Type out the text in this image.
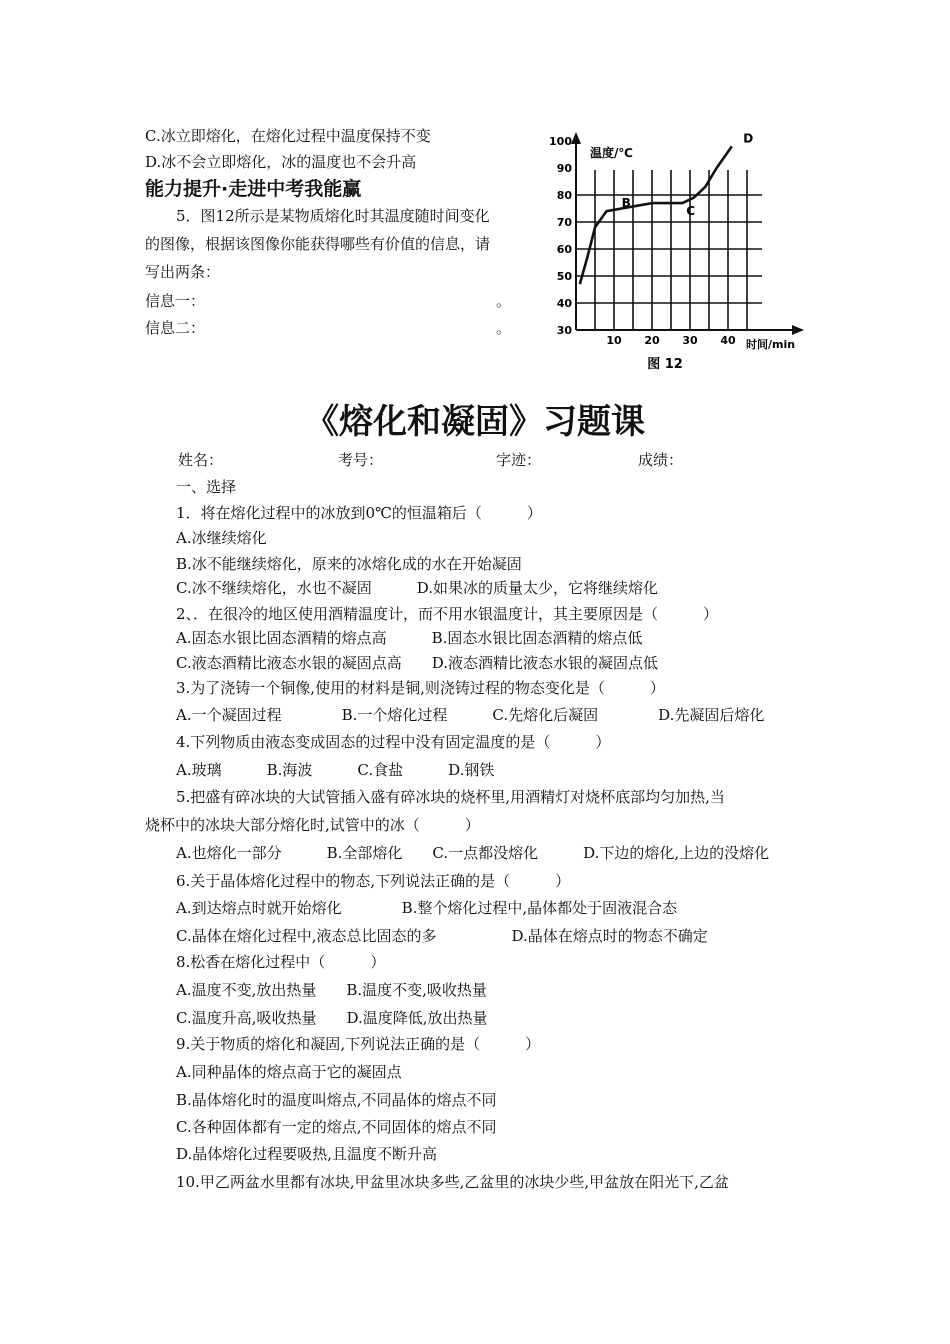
C.冰立即熔化，在熔化过程中温度保持不变
D.冰不会立即熔化，冰的温度也不会升高
能力提升·走进中考我能赢
5．图12所示是某物质熔化时其温度随时间变化
的图像，根据该图像你能获得哪些有价值的信息，请
写出两条：
信息一：	。
信息二：	。
温度/℃
时间/min
30
40
50
60
70
80
90
100
10 20 30 40
B
C
D
图 12
《熔化和凝固》习题课
姓名：	考号：	字迹：	成绩：
一、选择
1．将在熔化过程中的冰放到0℃的恒温箱后（　　　）
A.冰继续熔化
B.冰不能继续熔化，原来的冰熔化成的水在开始凝固
C.冰不继续熔化，水也不凝固　　　D.如果冰的质量太少，它将继续熔化
2、．在很冷的地区使用酒精温度计，而不用水银温度计，其主要原因是（　　　）
A.固态水银比固态酒精的熔点高　　　B.固态水银比固态酒精的熔点低
C.液态酒精比液态水银的凝固点高　　D.液态酒精比液态水银的凝固点低
3.为了浇铸一个铜像,使用的材料是铜,则浇铸过程的物态变化是（　　　）
A.一个凝固过程　　　　B.一个熔化过程　　　C.先熔化后凝固　　　　D.先凝固后熔化
4.下列物质由液态变成固态的过程中没有固定温度的是（　　　）
A.玻璃　　　B.海波　　　C.食盐　　　D.钢铁
5.把盛有碎冰块的大试管插入盛有碎冰块的烧杯里,用酒精灯对烧杯底部均匀加热,当
烧杯中的冰块大部分熔化时,试管中的冰（　　　）
A.也熔化一部分　　　B.全部熔化　　C.一点都没熔化　　　D.下边的熔化,上边的没熔化
6.关于晶体熔化过程中的物态,下列说法正确的是（　　　）
A.到达熔点时就开始熔化　　　　B.整个熔化过程中,晶体都处于固液混合态
C.晶体在熔化过程中,液态总比固态的多　　　　　D.晶体在熔点时的物态不确定
8.松香在熔化过程中（　　　）
A.温度不变,放出热量　　B.温度不变,吸收热量
C.温度升高,吸收热量　　D.温度降低,放出热量
9.关于物质的熔化和凝固,下列说法正确的是（　　　）
A.同种晶体的熔点高于它的凝固点
B.晶体熔化时的温度叫熔点,不同晶体的熔点不同
C.各种固体都有一定的熔点,不同固体的熔点不同
D.晶体熔化过程要吸热,且温度不断升高
10.甲乙两盆水里都有冰块,甲盆里冰块多些,乙盆里的冰块少些,甲盆放在阳光下,乙盆
